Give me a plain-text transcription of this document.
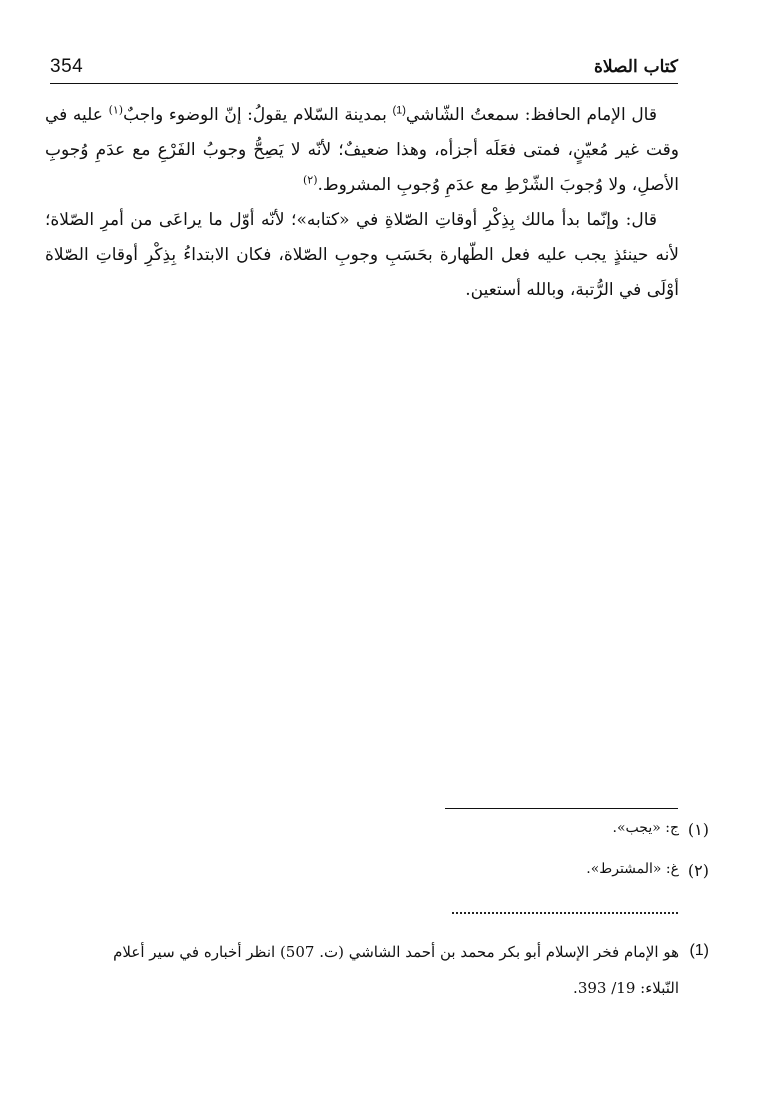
354	كتاب الصلاة

قال الإمام الحافظ: سمعتُ الشّاشي$^{(1)}$ بمدينة السّلام يقولُ: إنّ الوضوء واجبٌ$^{(١)}$ عليه في وقت غير مُعيّنٍ، فمتى فعَلَه أجزأه، وهذا ضعيفٌ؛ لأنّه لا يَصِحُّ وجوبُ الفَرْعِ مع عدَمِ وُجوبِ الأصلِ، ولا وُجوبَ الشّرْطِ مع عدَمِ وُجوبِ المشروط.$^{(٢)}$

قال: وإنّما بدأ مالك بِذِكْرِ أوقاتِ الصّلاةِ في «كتابه»؛ لأنّه أوّل ما يراعَى من أمرِ الصّلاة؛ لأنه حينئذٍ يجب عليه فعل الطّهارة بحَسَبِ وجوبِ الصّلاة، فكان الابتداءُ بِذِكْرِ أوقاتِ الصّلاة أوْلَى في الرُّتبة، وبالله أستعين.

(١)
ج: «يجب».
(٢)
غ: «المشترط».
(1)
هو الإمام فخر الإسلام أبو بكر محمد بن أحمد الشاشي (ت. 507) انظر أخباره في سير أعلام
النّبلاء: 19/ 393.
